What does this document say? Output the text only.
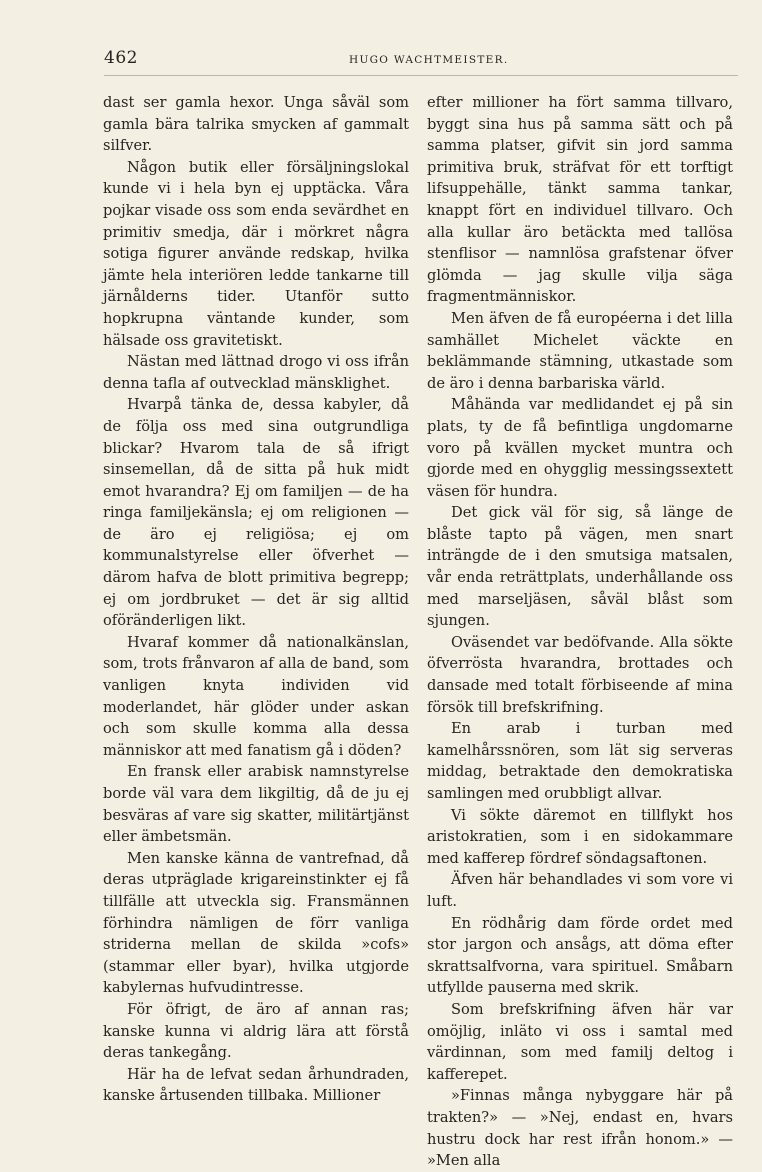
462	HUGO WACHTMEISTER.

dast ser gamla hexor. Unga såväl som gamla bära talrika smycken af gammalt silfver.

Någon butik eller försäljningslokal kunde vi i hela byn ej upptäcka. Våra pojkar visade oss som enda sevärdhet en primitiv smedja, där i mörkret några sotiga figurer använde redskap, hvilka jämte hela interiören ledde tankarne till järnålderns tider. Utanför sutto hopkrupna väntande kunder, som hälsade oss gravitetiskt.

Nästan med lättnad drogo vi oss ifrån denna tafla af outvecklad mänsklighet.

Hvarpå tänka de, dessa kabyler, då de följa oss med sina outgrundliga blickar? Hvarom tala de så ifrigt sinsemellan, då de sitta på huk midt emot hvarandra? Ej om familjen — de ha ringa familjekänsla; ej om religionen — de äro ej religiösa; ej om kommunalstyrelse eller öfverhet — därom hafva de blott primitiva begrepp; ej om jordbruket — det är sig alltid oföränderligen likt.

Hvaraf kommer då nationalkänslan, som, trots frånvaron af alla de band, som vanligen knyta individen vid moderlandet, här glöder under askan och som skulle komma alla dessa människor att med fanatism gå i döden?

En fransk eller arabisk namnstyrelse borde väl vara dem likgiltig, då de ju ej besväras af vare sig skatter, militärtjänst eller ämbetsmän.

Men kanske känna de vantrefnad, då deras utpräglade krigareinstinkter ej få tillfälle att utveckla sig. Fransmännen förhindra nämligen de förr vanliga striderna mellan de skilda »cofs» (stammar eller byar), hvilka utgjorde kabylernas hufvudintresse.

För öfrigt, de äro af annan ras; kanske kunna vi aldrig lära att förstå deras tankegång.

Här ha de lefvat sedan århundraden, kanske årtusenden tillbaka. Millioner

efter millioner ha fört samma tillvaro, byggt sina hus på samma sätt och på samma platser, gifvit sin jord samma primitiva bruk, sträfvat för ett torftigt lifsuppehälle, tänkt samma tankar, knappt fört en individuel tillvaro. Och alla kullar äro betäckta med tallösa stenflisor — namnlösa grafstenar öfver glömda — jag skulle vilja säga fragmentmänniskor.

Men äfven de få européerna i det lilla samhället Michelet väckte en beklämmande stämning, utkastade som de äro i denna barbariska värld.

Måhända var medlidandet ej på sin plats, ty de få befintliga ungdomarne voro på kvällen mycket muntra och gjorde med en ohygglig messingssextett väsen för hundra.

Det gick väl för sig, så länge de blåste tapto på vägen, men snart inträngde de i den smutsiga matsalen, vår enda reträttplats, underhållande oss med marseljäsen, såväl blåst som sjungen.

Oväsendet var bedöfvande. Alla sökte öfverrösta hvarandra, brottades och dansade med totalt förbiseende af mina försök till brefskrifning.

En arab i turban med kamelhårssnören, som lät sig serveras middag, betraktade den demokratiska samlingen med orubbligt allvar.

Vi sökte däremot en tillflykt hos aristokratien, som i en sidokammare med kafferep fördref söndagsaftonen.

Äfven här behandlades vi som vore vi luft.

En rödhårig dam förde ordet med stor jargon och ansågs, att döma efter skrattsalfvorna, vara spirituel. Småbarn utfyllde pauserna med skrik.

Som brefskrifning äfven här var omöjlig, inläto vi oss i samtal med värdinnan, som med familj deltog i kafferepet.

»Finnas många nybyggare här på trakten?» — »Nej, endast en, hvars hustru dock har rest ifrån honom.» — »Men alla
